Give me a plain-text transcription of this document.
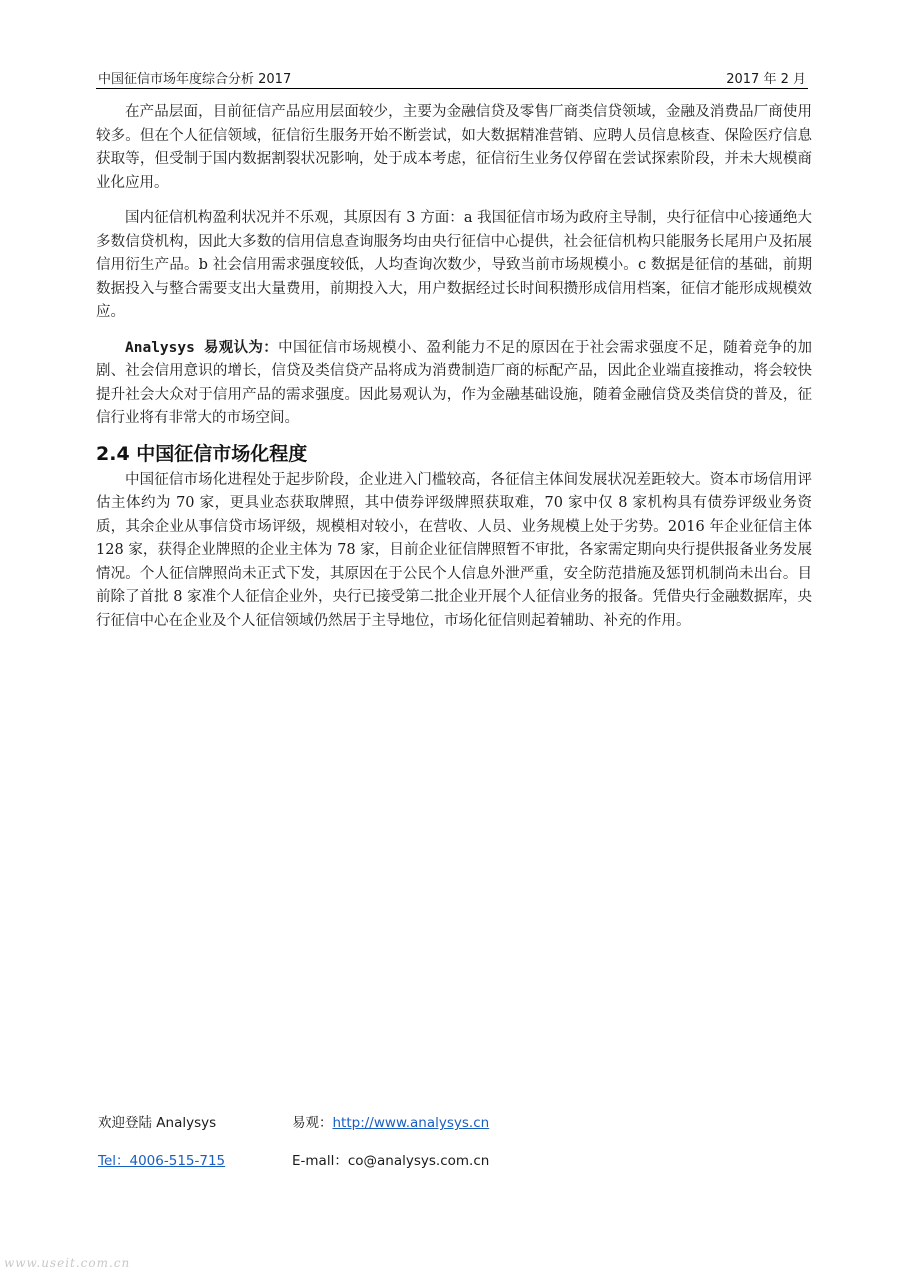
中国征信市场年度综合分析 2017	2017 年 2 月

在产品层面，目前征信产品应用层面较少，主要为金融信贷及零售厂商类信贷领域，金融及消费品厂商使用较多。但在个人征信领域，征信衍生服务开始不断尝试，如大数据精准营销、应聘人员信息核查、保险医疗信息获取等，但受制于国内数据割裂状况影响，处于成本考虑，征信衍生业务仅停留在尝试探索阶段，并未大规模商业化应用。

国内征信机构盈利状况并不乐观，其原因有 3 方面：a 我国征信市场为政府主导制，央行征信中心接通绝大多数信贷机构，因此大多数的信用信息查询服务均由央行征信中心提供，社会征信机构只能服务长尾用户及拓展信用衍生产品。b 社会信用需求强度较低，人均查询次数少，导致当前市场规模小。c 数据是征信的基础，前期数据投入与整合需要支出大量费用，前期投入大，用户数据经过长时间积攒形成信用档案，征信才能形成规模效应。

Analysys 易观认为：中国征信市场规模小、盈利能力不足的原因在于社会需求强度不足，随着竞争的加剧、社会信用意识的增长，信贷及类信贷产品将成为消费制造厂商的标配产品，因此企业端直接推动，将会较快提升社会大众对于信用产品的需求强度。因此易观认为，作为金融基础设施，随着金融信贷及类信贷的普及，征信行业将有非常大的市场空间。

2.4 中国征信市场化程度

中国征信市场化进程处于起步阶段，企业进入门槛较高，各征信主体间发展状况差距较大。资本市场信用评估主体约为 70 家，更具业态获取牌照，其中债券评级牌照获取难，70 家中仅 8 家机构具有债券评级业务资质，其余企业从事信贷市场评级，规模相对较小，在营收、人员、业务规模上处于劣势。2016 年企业征信主体 128 家，获得企业牌照的企业主体为 78 家，目前企业征信牌照暂不审批，各家需定期向央行提供报备业务发展情况。个人征信牌照尚未正式下发，其原因在于公民个人信息外泄严重，安全防范措施及惩罚机制尚未出台。目前除了首批 8 家准个人征信企业外，央行已接受第二批企业开展个人征信业务的报备。凭借央行金融数据库，央行征信中心在企业及个人征信领域仍然居于主导地位，市场化征信则起着辅助、补充的作用。

欢迎登陆 Analysys	易观：http://www.analysys.cn
Tel：4006-515-715	E-mall：co@analysys.com.cn
www.useit.com.cn
